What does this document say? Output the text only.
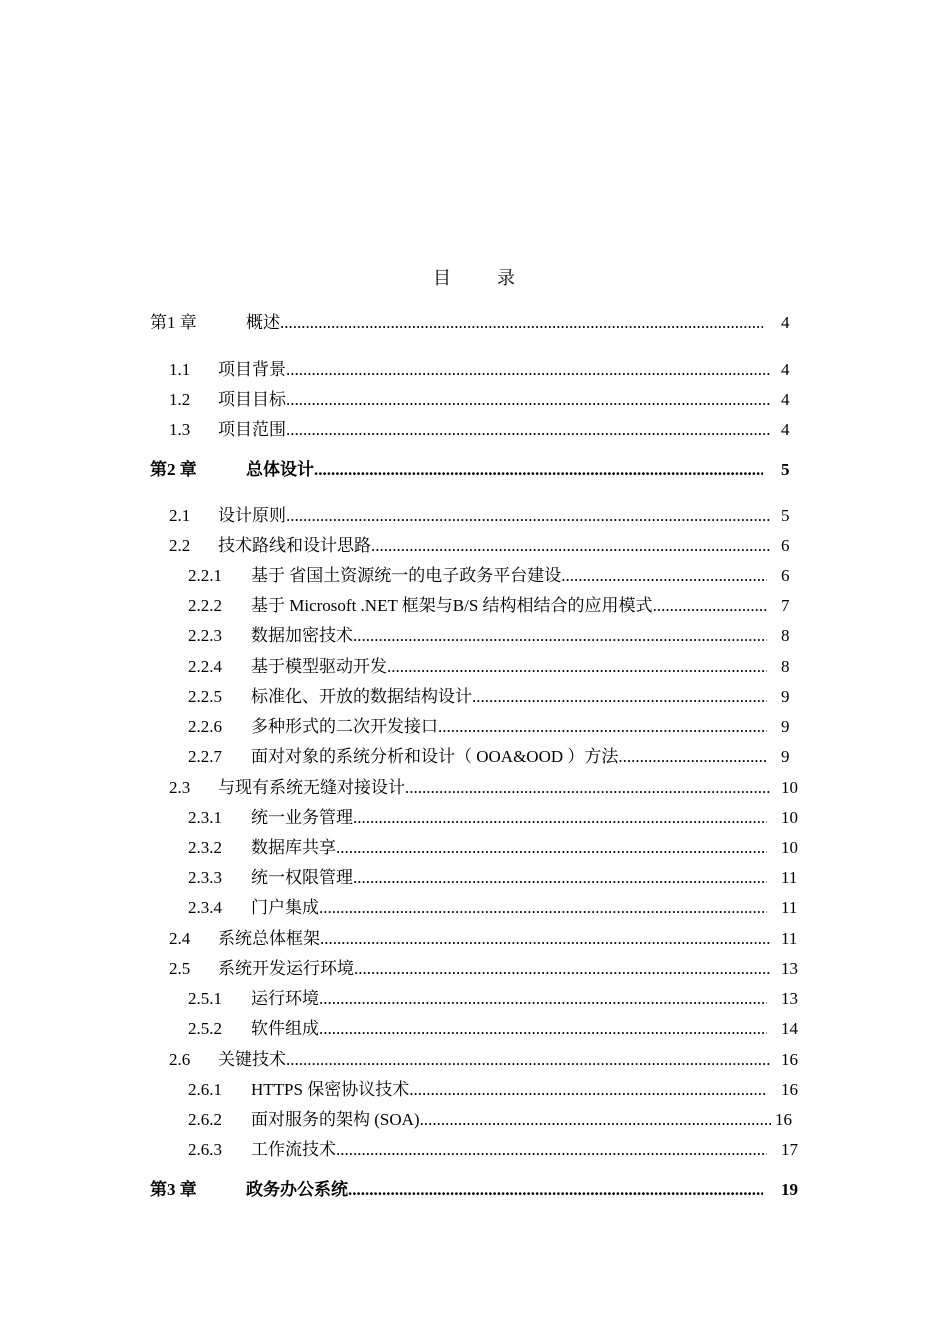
目 录
第1 章	概述 .....	4
1.1 项目背景 .....	4
1.2 项目目标 .....	4
1.3 项目范围 .....	4
第2 章	总体设计 .....	5
2.1 设计原则 .....	5
2.2 技术路线和设计思路 .....	6
2.2.1 基于 省国土资源统一的电子政务平台建设 .....	6
2.2.2 基于 Microsoft .NET 框架与B/S 结构相结合的应用模式 .....	7
2.2.3 数据加密技术 .....	8
2.2.4 基于模型驱动开发 .....	8
2.2.5 标准化、开放的数据结构设计 .....	9
2.2.6 多种形式的二次开发接口 .....	9
2.2.7 面对对象的系统分析和设计（ OOA&OOD ）方法 .....	9
2.3 与现有系统无缝对接设计 .....	10
2.3.1 统一业务管理 .....	10
2.3.2 数据库共享 .....	10
2.3.3 统一权限管理 .....	11
2.3.4 门户集成 .....	11
2.4 系统总体框架 .....	11
2.5 系统开发运行环境 .....	13
2.5.1 运行环境 .....	13
2.5.2 软件组成 .....	14
2.6 关键技术 .....	16
2.6.1 HTTPS 保密协议技术 .....	16
2.6.2 面对服务的架构 (SOA) .....	16
2.6.3 工作流技术 .....	17
第3 章	政务办公系统 .....	19
